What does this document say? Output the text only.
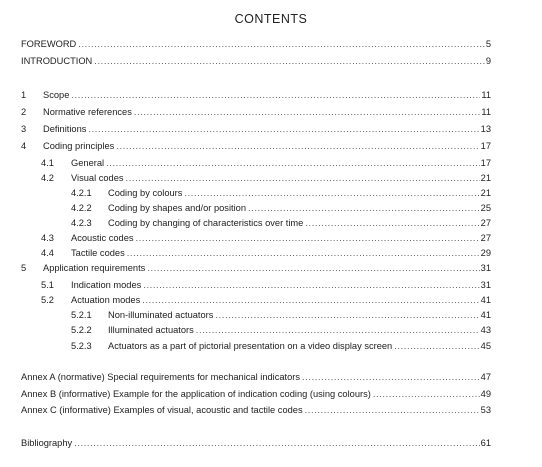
CONTENTS
FOREWORD .....	5
INTRODUCTION .....	9
1 Scope .....	11
2 Normative references .....	11
3 Definitions .....	13
4 Coding principles .....	17
4.1 General .....	17
4.2 Visual codes .....	21
4.2.1 Coding by colours .....	21
4.2.2 Coding by shapes and/or position .....	25
4.2.3 Coding by changing of characteristics over time .....	27
4.3 Acoustic codes .....	27
4.4 Tactile codes .....	29
5 Application requirements .....	31
5.1 Indication modes .....	31
5.2 Actuation modes .....	41
5.2.1 Non-illuminated actuators .....	41
5.2.2 Illuminated actuators .....	43
5.2.3 Actuators as a part of pictorial presentation on a video display screen .....	45
Annex A (normative) Special requirements for mechanical indicators .....	47
Annex B (informative) Example for the application of indication coding (using colours) .....	49
Annex C (informative) Examples of visual, acoustic and tactile codes .....	53
Bibliography .....	61
